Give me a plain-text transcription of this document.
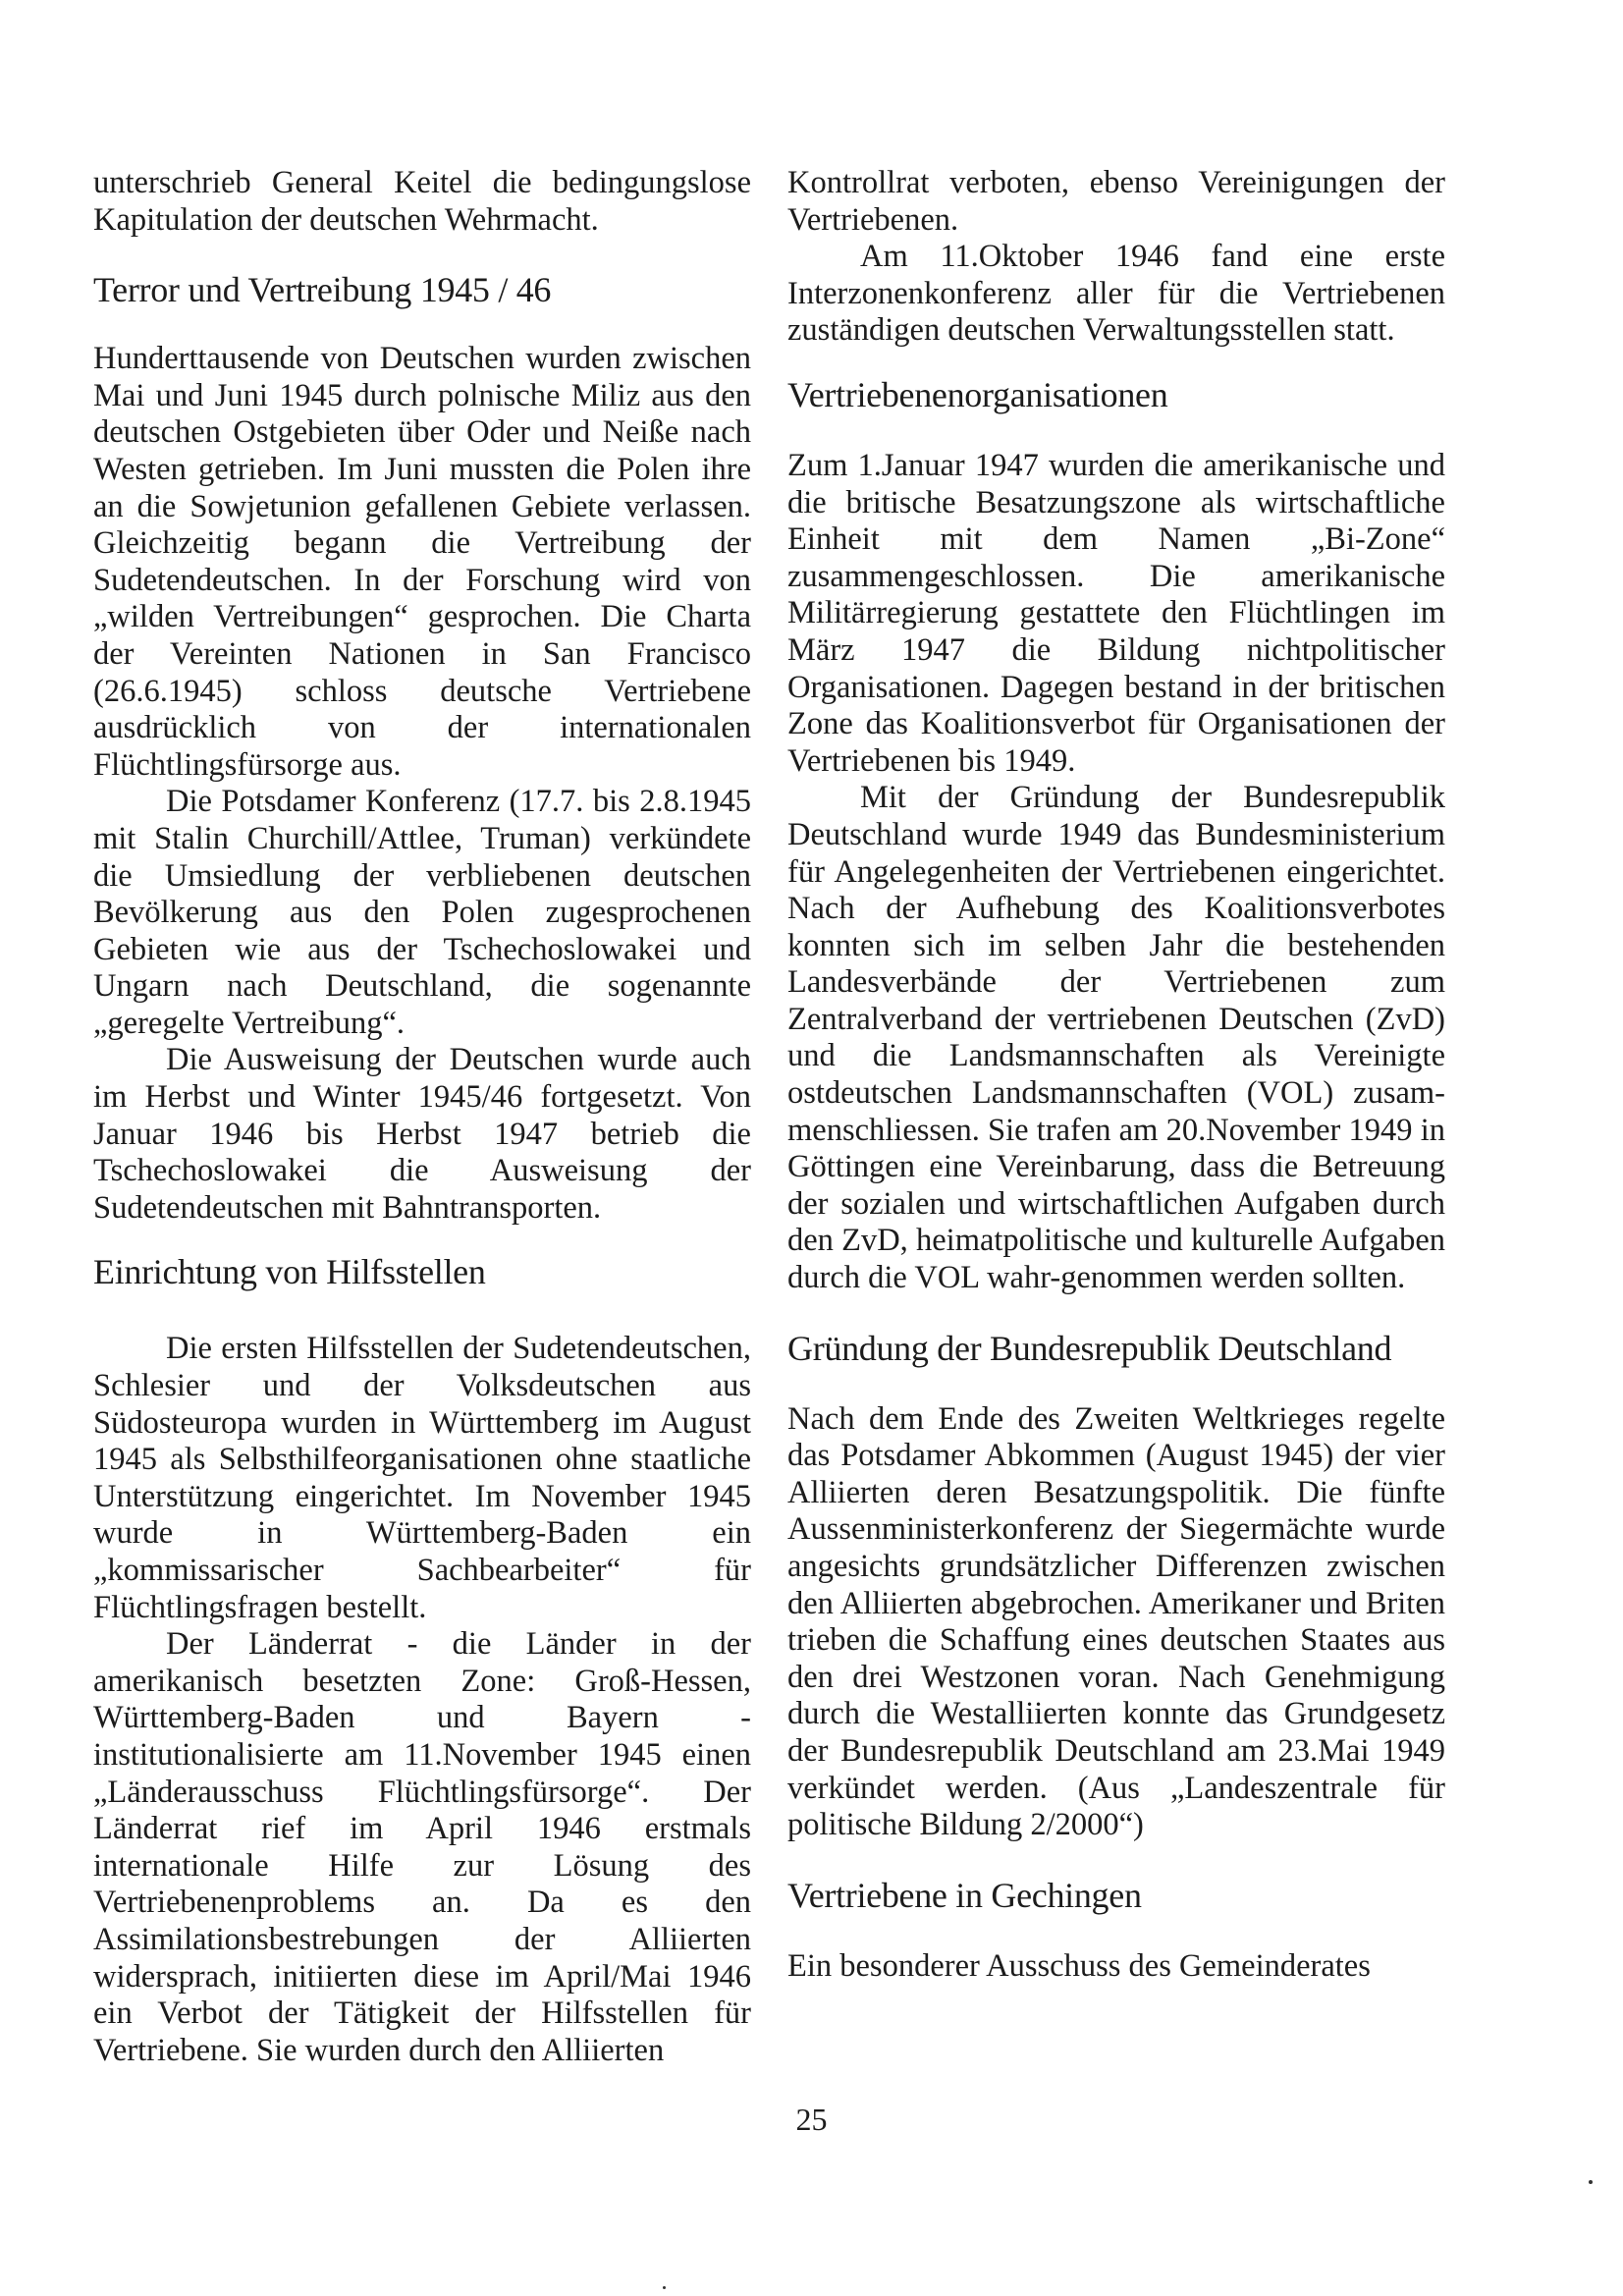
unterschrieb General Keitel die bedingungslose Kapitulation der deutschen Wehrmacht.

Terror und Vertreibung 1945 / 46

Hunderttausende von Deutschen wurden zwischen Mai und Juni 1945 durch polnische Miliz aus den deutschen Ostgebieten über Oder und Neiße nach Westen getrieben. Im Juni mussten die Polen ihre an die Sowjetunion gefallenen Gebiete verlassen. Gleichzeitig begann die Vertreibung der Sudetendeutschen. In der Forschung wird von „wilden Vertreibungen“ gesprochen. Die Charta der Vereinten Nationen in San Francisco (26.6.1945) schloss deutsche Vertriebene ausdrücklich von der internationalen Flüchtlingsfürsorge aus.

Die Potsdamer Konferenz (17.7. bis 2.8.1945 mit Stalin Churchill/Attlee, Truman) verkündete die Umsiedlung der verbliebenen deutschen Bevölkerung aus den Polen zugesprochenen Gebieten wie aus der Tschechoslowakei und Ungarn nach Deutschland, die sogenannte „geregelte Vertreibung“.

Die Ausweisung der Deutschen wurde auch im Herbst und Winter 1945/46 fortgesetzt. Von Januar 1946 bis Herbst 1947 betrieb die Tschechoslowakei die Ausweisung der Sudetendeutschen mit Bahntransporten.

Einrichtung von Hilfsstellen

Die ersten Hilfsstellen der Sudetendeutschen, Schlesier und der Volksdeutschen aus Südosteuropa wurden in Württemberg im August 1945 als Selbsthilfeorganisationen ohne staatliche Unterstützung eingerichtet. Im November 1945 wurde in Württemberg-Baden ein „kommissarischer Sachbearbeiter“ für Flüchtlingsfragen bestellt.

Der Länderrat - die Länder in der amerikanisch besetzten Zone: Groß-Hessen, Württemberg-Baden und Bayern - institutionalisierte am 11.November 1945 einen „Länderausschuss Flüchtlingsfürsorge“. Der Länderrat rief im April 1946 erstmals internationale Hilfe zur Lösung des Vertriebenenproblems an. Da es den Assimilationsbestrebungen der Alliierten widersprach, initiierten diese im April/Mai 1946 ein Verbot der Tätigkeit der Hilfsstellen für Vertriebene. Sie wurden durch den Alliierten

Kontrollrat verboten, ebenso Vereinigungen der Vertriebenen.

Am 11.Oktober 1946 fand eine erste Interzonenkonferenz aller für die Vertriebenen zuständigen deutschen Verwaltungsstellen statt.

Vertriebenenorganisationen

Zum 1.Januar 1947 wurden die amerikanische und die britische Besatzungszone als wirtschaftliche Einheit mit dem Namen „Bi-Zone“ zusammengeschlossen. Die amerikanische Militärregierung gestattete den Flüchtlingen im März 1947 die Bildung nichtpolitischer Organisationen. Dagegen bestand in der britischen Zone das Koalitionsverbot für Organisationen der Vertriebenen bis 1949.

Mit der Gründung der Bundesrepublik Deutschland wurde 1949 das Bundesministerium für Angelegenheiten der Vertriebenen eingerichtet. Nach der Aufhebung des Koalitionsverbotes konnten sich im selben Jahr die bestehenden Landesverbände der Vertriebenen zum Zentralverband der vertriebenen Deutschen (ZvD) und die Landsmannschaften als Vereinigte ostdeutschen Landsmannschaften (VOL) zusam-menschliessen. Sie trafen am 20.November 1949 in Göttingen eine Vereinbarung, dass die Betreuung der sozialen und wirtschaftlichen Aufgaben durch den ZvD, heimatpolitische und kulturelle Aufgaben durch die VOL wahr-genommen werden sollten.

Gründung der Bundesrepublik Deutschland

Nach dem Ende des Zweiten Weltkrieges regelte das Potsdamer Abkommen (August 1945) der vier Alliierten deren Besatzungspolitik. Die fünfte Aussenministerkonferenz der Siegermächte wurde angesichts grundsätzlicher Differenzen zwischen den Alliierten abgebrochen. Amerikaner und Briten trieben die Schaffung eines deutschen Staates aus den drei Westzonen voran. Nach Genehmigung durch die Westalliierten konnte das Grundgesetz der Bundesrepublik Deutschland am 23.Mai 1949 verkündet werden. (Aus „Landeszentrale für politische Bildung 2/2000“)

Vertriebene in Gechingen

Ein besonderer Ausschuss des Gemeinderates

25
